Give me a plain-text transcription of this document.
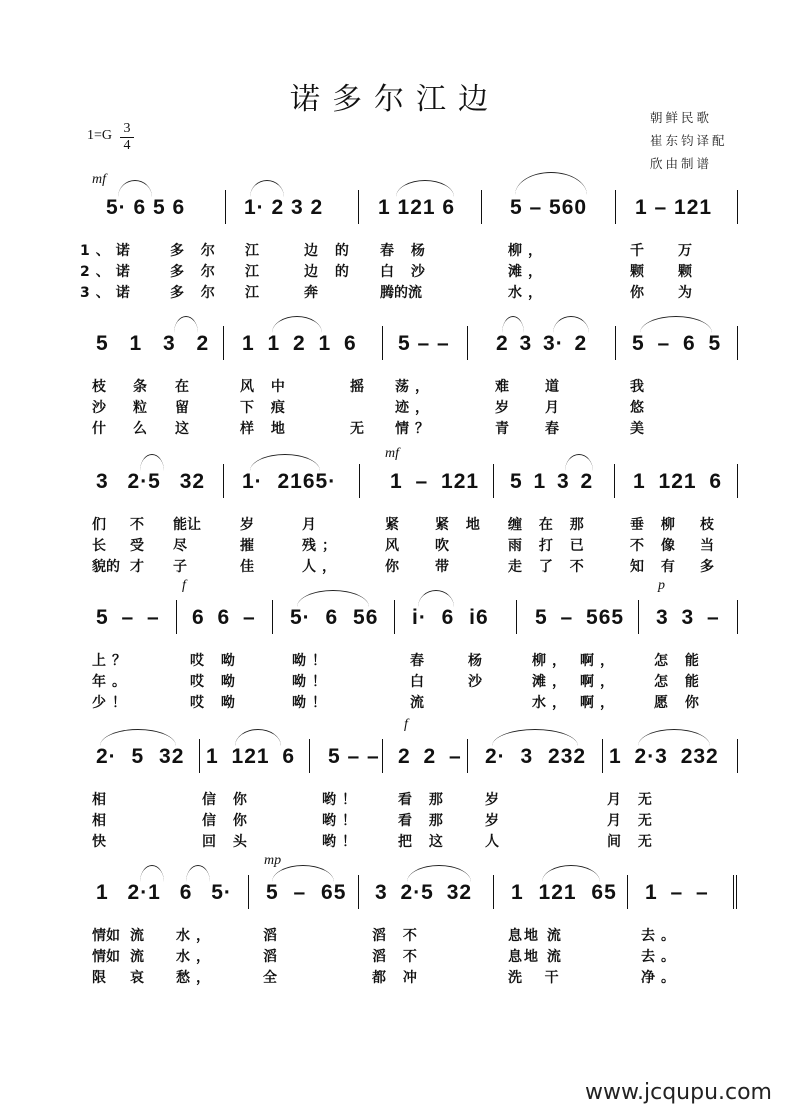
诺多尔江边
朝鲜民歌
崔东钧译配
欣由制谱
1=G 3
4
mf
5· 6 5 6	1· 2 3 2	1 121 6	5 – 560 1 – 121
1、诺 多 尔 江	边 的 春 杨	柳，	千 万
2、诺 多 尔 江	边 的 白 沙	滩，	颗 颗
3、诺 多 尔 江	奔	腾的流	水，	你 为
5 1 3 2 1 1 2 1 6 5 – – 2 3 3· 2 5 – 6 5
枝 条 在	风 中	摇 荡，	难 道	我
沙 粒 留	下 痕	迹，	岁 月	悠
什 么 这	样 地	无 情？	青 春	美
3 2·5 32 1· 2165·
mf
1 – 121 5 1 3 2 1 121 6
们 不 能让	岁	月	紧 紧 地 缠 在 那	垂 柳 枝
长 受 尽	摧	残；	风 吹	雨 打 已	不 像 当
貌的 才 子	佳	人，	你 带	走 了 不	知 有 多
5 – –
f
6 6 – 5· 6 56 i· 6 i6 5 – 565
p
3 3 –
上？	哎 呦	呦！	春	杨	柳， 啊， 怎 能
年。	哎 呦	呦！	白	沙	滩， 啊， 怎 能
少！	哎 呦	呦！	流	水， 啊， 愿 你
2· 5 32 1 121 6 5 – –
f
2 2 – 2· 3 232 1 2·3 232
相	信 你	哟！	看 那	岁	月 无
相	信 你	哟！	看 那	岁	月 无
快	回 头	哟！	把 这	人	间 无
1 2·1 6 5·
mp
5 – 65 3 2·5 32 1 121 65 1 – –
情如 流 水，	滔	滔 不	息地 流	去。
情如 流 水，	滔	滔 不	息地 流	去。
限 哀 愁，	全	都 冲	洗   干	净。
www.jcqupu.com
